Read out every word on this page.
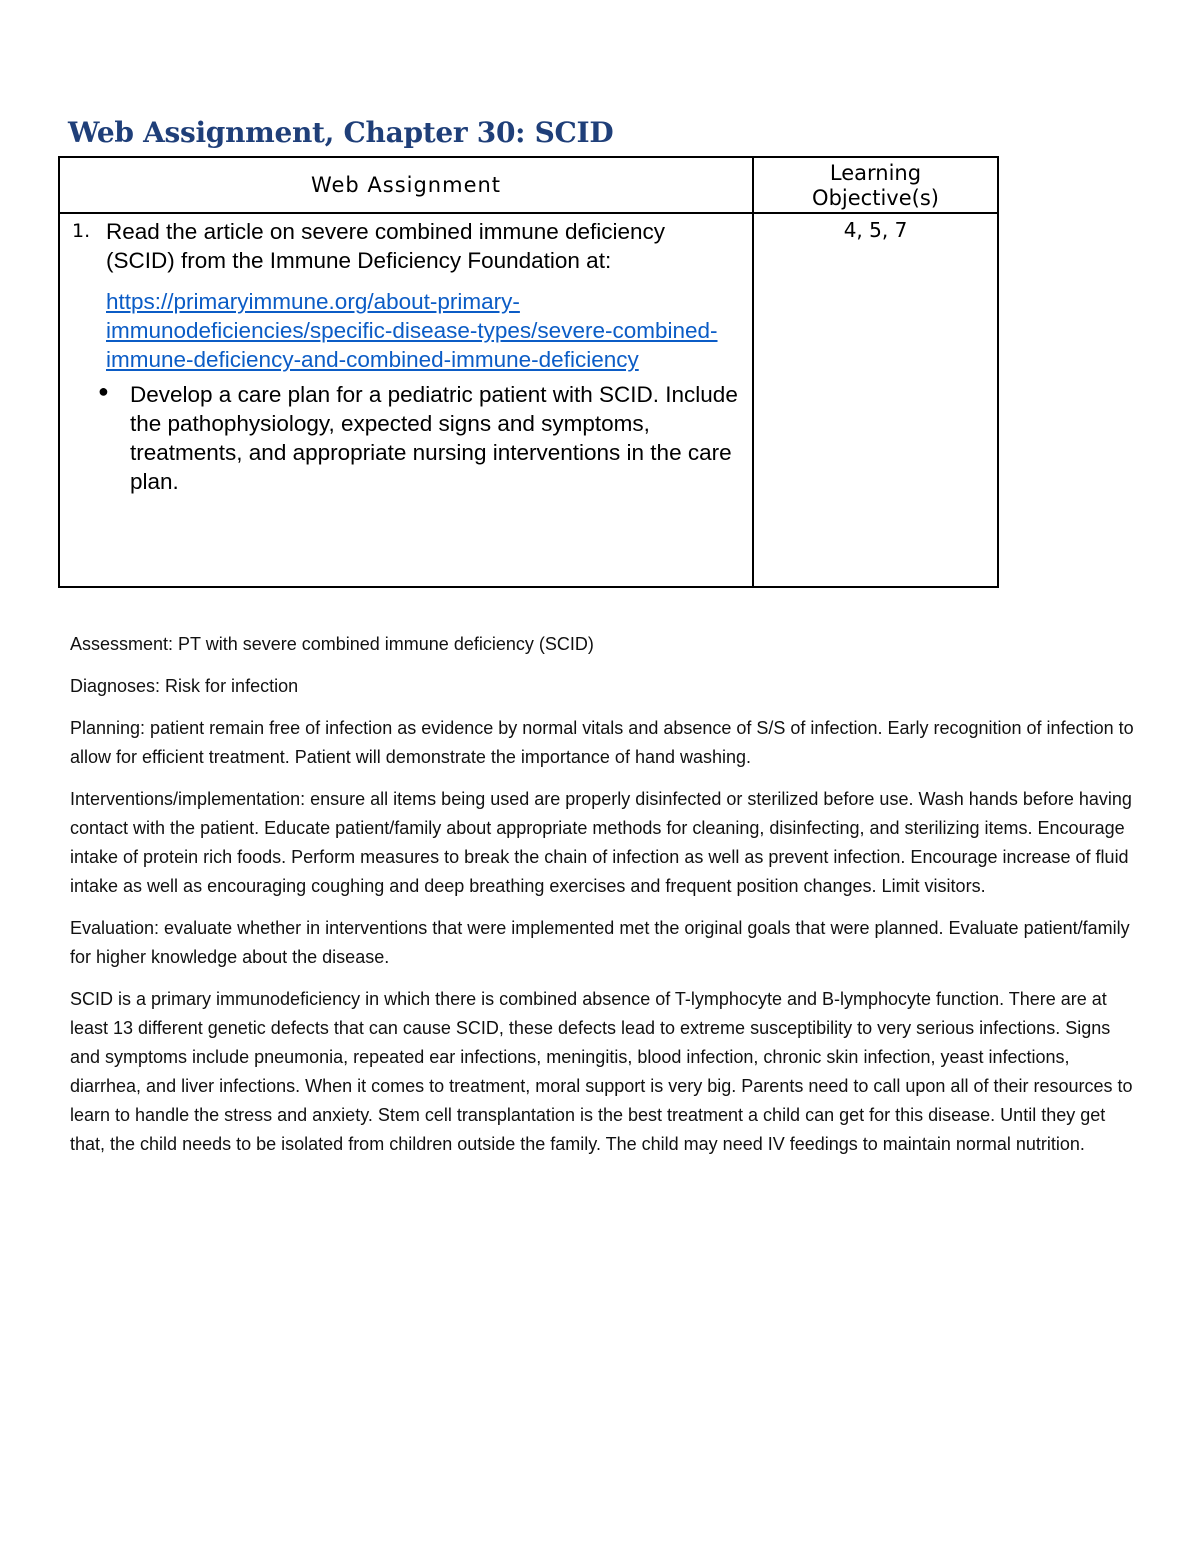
Web Assignment, Chapter 30: SCID
Web Assignment	Learning
Objective(s)

1. Read the article on severe combined immune deficiency (SCID) from the Immune Deficiency Foundation at:

https://primaryimmune.org/about-primary-immunodeficiencies/specific-disease-types/severe-combined-immune-deficiency-and-combined-immune-deficiency
● Develop a care plan for a pediatric patient with SCID. Include the pathophysiology, expected signs and symptoms, treatments, and appropriate nursing interventions in the care plan.	4, 5, 7

Assessment: PT with severe combined immune deficiency (SCID)

Diagnoses: Risk for infection

Planning: patient remain free of infection as evidence by normal vitals and absence of S/S of infection. Early recognition of infection to allow for efficient treatment. Patient will demonstrate the importance of hand washing.

Interventions/implementation: ensure all items being used are properly disinfected or sterilized before use. Wash hands before having contact with the patient. Educate patient/family about appropriate methods for cleaning, disinfecting, and sterilizing items. Encourage intake of protein rich foods. Perform measures to break the chain of infection as well as prevent infection. Encourage increase of fluid intake as well as encouraging coughing and deep breathing exercises and frequent position changes. Limit visitors.

Evaluation: evaluate whether in interventions that were implemented met the original goals that were planned. Evaluate patient/family for higher knowledge about the disease.

SCID is a primary immunodeficiency in which there is combined absence of T-lymphocyte and B-lymphocyte function. There are at least 13 different genetic defects that can cause SCID, these defects lead to extreme susceptibility to very serious infections. Signs and symptoms include pneumonia, repeated ear infections, meningitis, blood infection, chronic skin infection, yeast infections, diarrhea, and liver infections. When it comes to treatment, moral support is very big. Parents need to call upon all of their resources to learn to handle the stress and anxiety. Stem cell transplantation is the best treatment a child can get for this disease. Until they get that, the child needs to be isolated from children outside the family. The child may need IV feedings to maintain normal nutrition.
